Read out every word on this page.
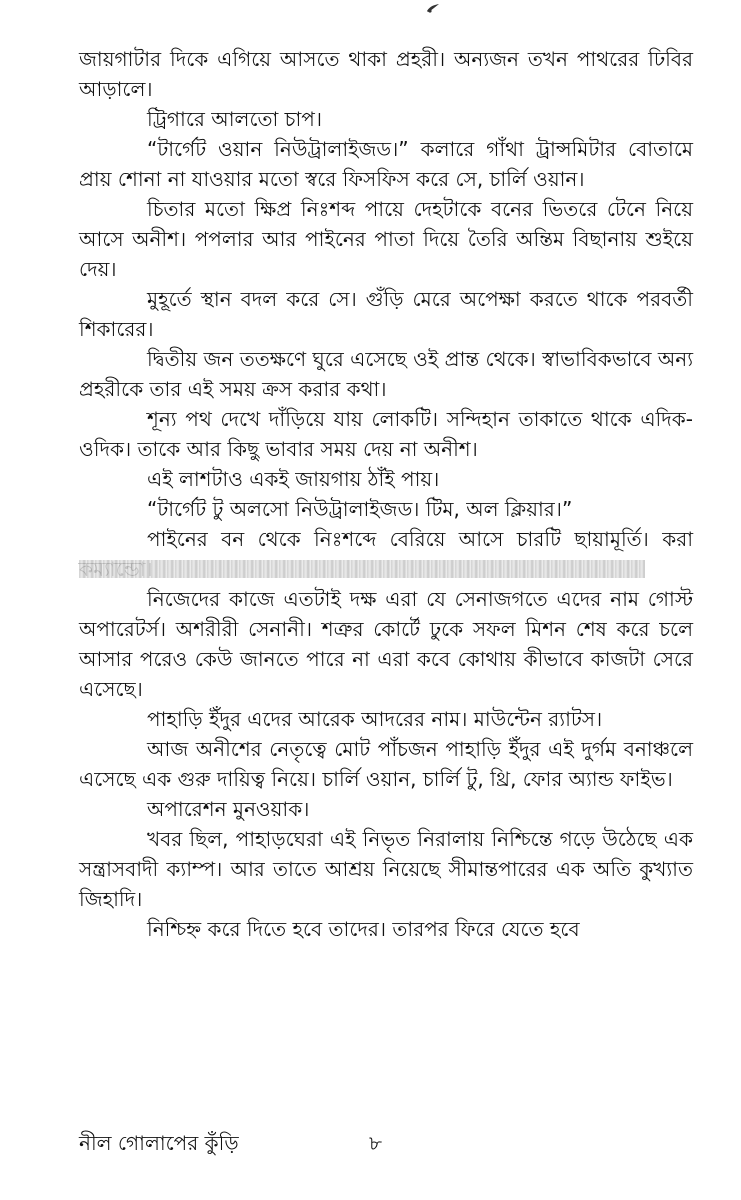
জায়গাটার দিকে এগিয়ে আসতে থাকা প্রহরী। অন্যজন তখন পাথরের ঢিবির আড়ালে।

ট্রিগারে আলতো চাপ।

“টার্গেট ওয়ান নিউট্রালাইজড।” কলারে গাঁথা ট্রান্সমিটার বোতামে প্রায় শোনা না যাওয়ার মতো স্বরে ফিসফিস করে সে, চার্লি ওয়ান।

চিতার মতো ক্ষিপ্র নিঃশব্দ পায়ে দেহটাকে বনের ভিতরে টেনে নিয়ে আসে অনীশ। পপলার আর পাইনের পাতা দিয়ে তৈরি অন্তিম বিছানায় শুইয়ে দেয়।

মুহূর্তে স্থান বদল করে সে। গুঁড়ি মেরে অপেক্ষা করতে থাকে পরবর্তী শিকারের।

দ্বিতীয় জন ততক্ষণে ঘুরে এসেছে ওই প্রান্ত থেকে। স্বাভাবিকভাবে অন্য প্রহরীকে তার এই সময় ক্রস করার কথা।

শূন্য পথ দেখে দাঁড়িয়ে যায় লোকটি। সন্দিহান তাকাতে থাকে এদিক-ওদিক। তাকে আর কিছু ভাবার সময় দেয় না অনীশ।

এই লাশটাও একই জায়গায় ঠাঁই পায়।

“টার্গেট টু অলসো নিউট্রালাইজড। টিম, অল ক্লিয়ার।”

পাইনের বন থেকে নিঃশব্দে বেরিয়ে আসে চারটি ছায়ামূর্তি। করা

নিজেদের কাজে এতটাই দক্ষ এরা যে সেনাজগতে এদের নাম গোস্ট অপারেটর্স। অশরীরী সেনানী। শত্রুর কোর্টে ঢুকে সফল মিশন শেষ করে চলে আসার পরেও কেউ জানতে পারে না এরা কবে কোথায় কীভাবে কাজটা সেরে এসেছে।

পাহাড়ি ইঁদুর এদের আরেক আদরের নাম। মাউন্টেন র‍্যাটস।

আজ অনীশের নেতৃত্বে মোট পাঁচজন পাহাড়ি ইঁদুর এই দুর্গম বনাঞ্চলে এসেছে এক গুরু দায়িত্ব নিয়ে। চার্লি ওয়ান, চার্লি টু, থ্রি, ফোর অ্যান্ড ফাইভ।

অপারেশন মুনওয়াক।

খবর ছিল, পাহাড়ঘেরা এই নিভৃত নিরালায় নিশ্চিন্তে গড়ে উঠেছে এক সন্ত্রাসবাদী ক্যাম্প। আর তাতে আশ্রয় নিয়েছে সীমান্তপারের এক অতি কুখ্যাত জিহাদি।

নিশ্চিহ্ন করে দিতে হবে তাদের। তারপর ফিরে যেতে হবে

নীল গোলাপের কুঁড়ি	৮
